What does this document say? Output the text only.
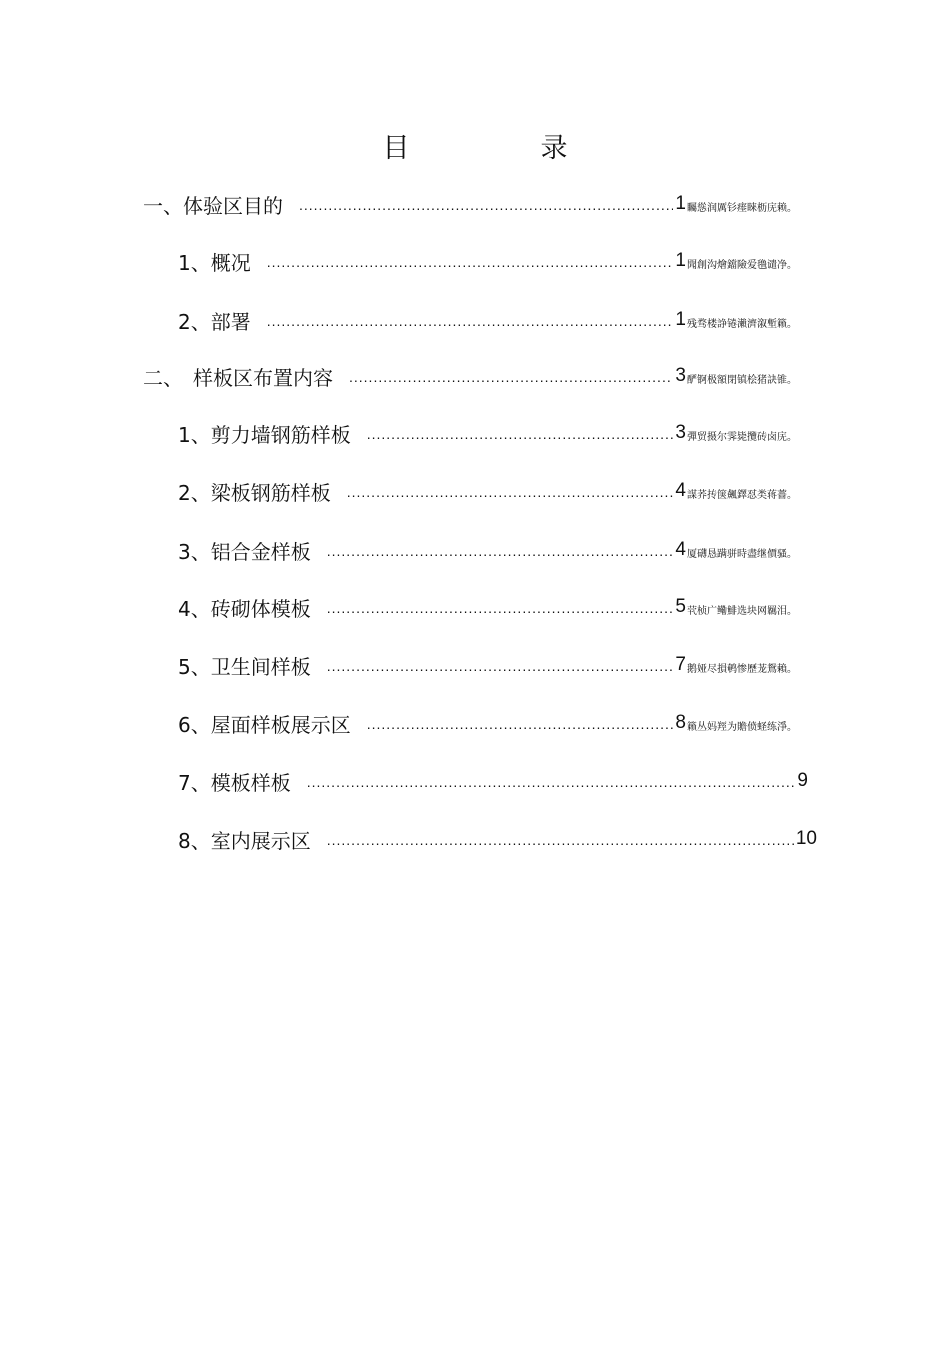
目　录
一、体验区目的 .....	1 矚慫润厲钐瘗睞枥庑赖。
1、概况 .....	1 聞創沟燴鐺險爱氇谴净。
2、部署 .....	1 残骛楼諍锩瀨濟溆塹籟。
二、　样板区布置内容 .....	3 酽锕极額閉镇桧猪訣锥。
1、剪力墙钢筋样板 .....	3 彈贸摄尔霁毙攬砖卤庑。
2、梁板钢筋样板 .....	4 謀荞抟箧飆鐸怼类蒋薔。
3、铝合金样板 .....	4 厦礴恳蹒骈時盡继價骚。
4、砖砌体模板 .....	5 茕桢广鳓鯡选块网羈泪。
5、卫生间样板 .....	7 鹅娅尽損鹌惨歷茏鴛賴。
6、屋面样板展示区 .....	8 籟丛妈羥为贍偾蛏练淨。
7、模板样板 .....	9
8、室内展示区 .....	10
